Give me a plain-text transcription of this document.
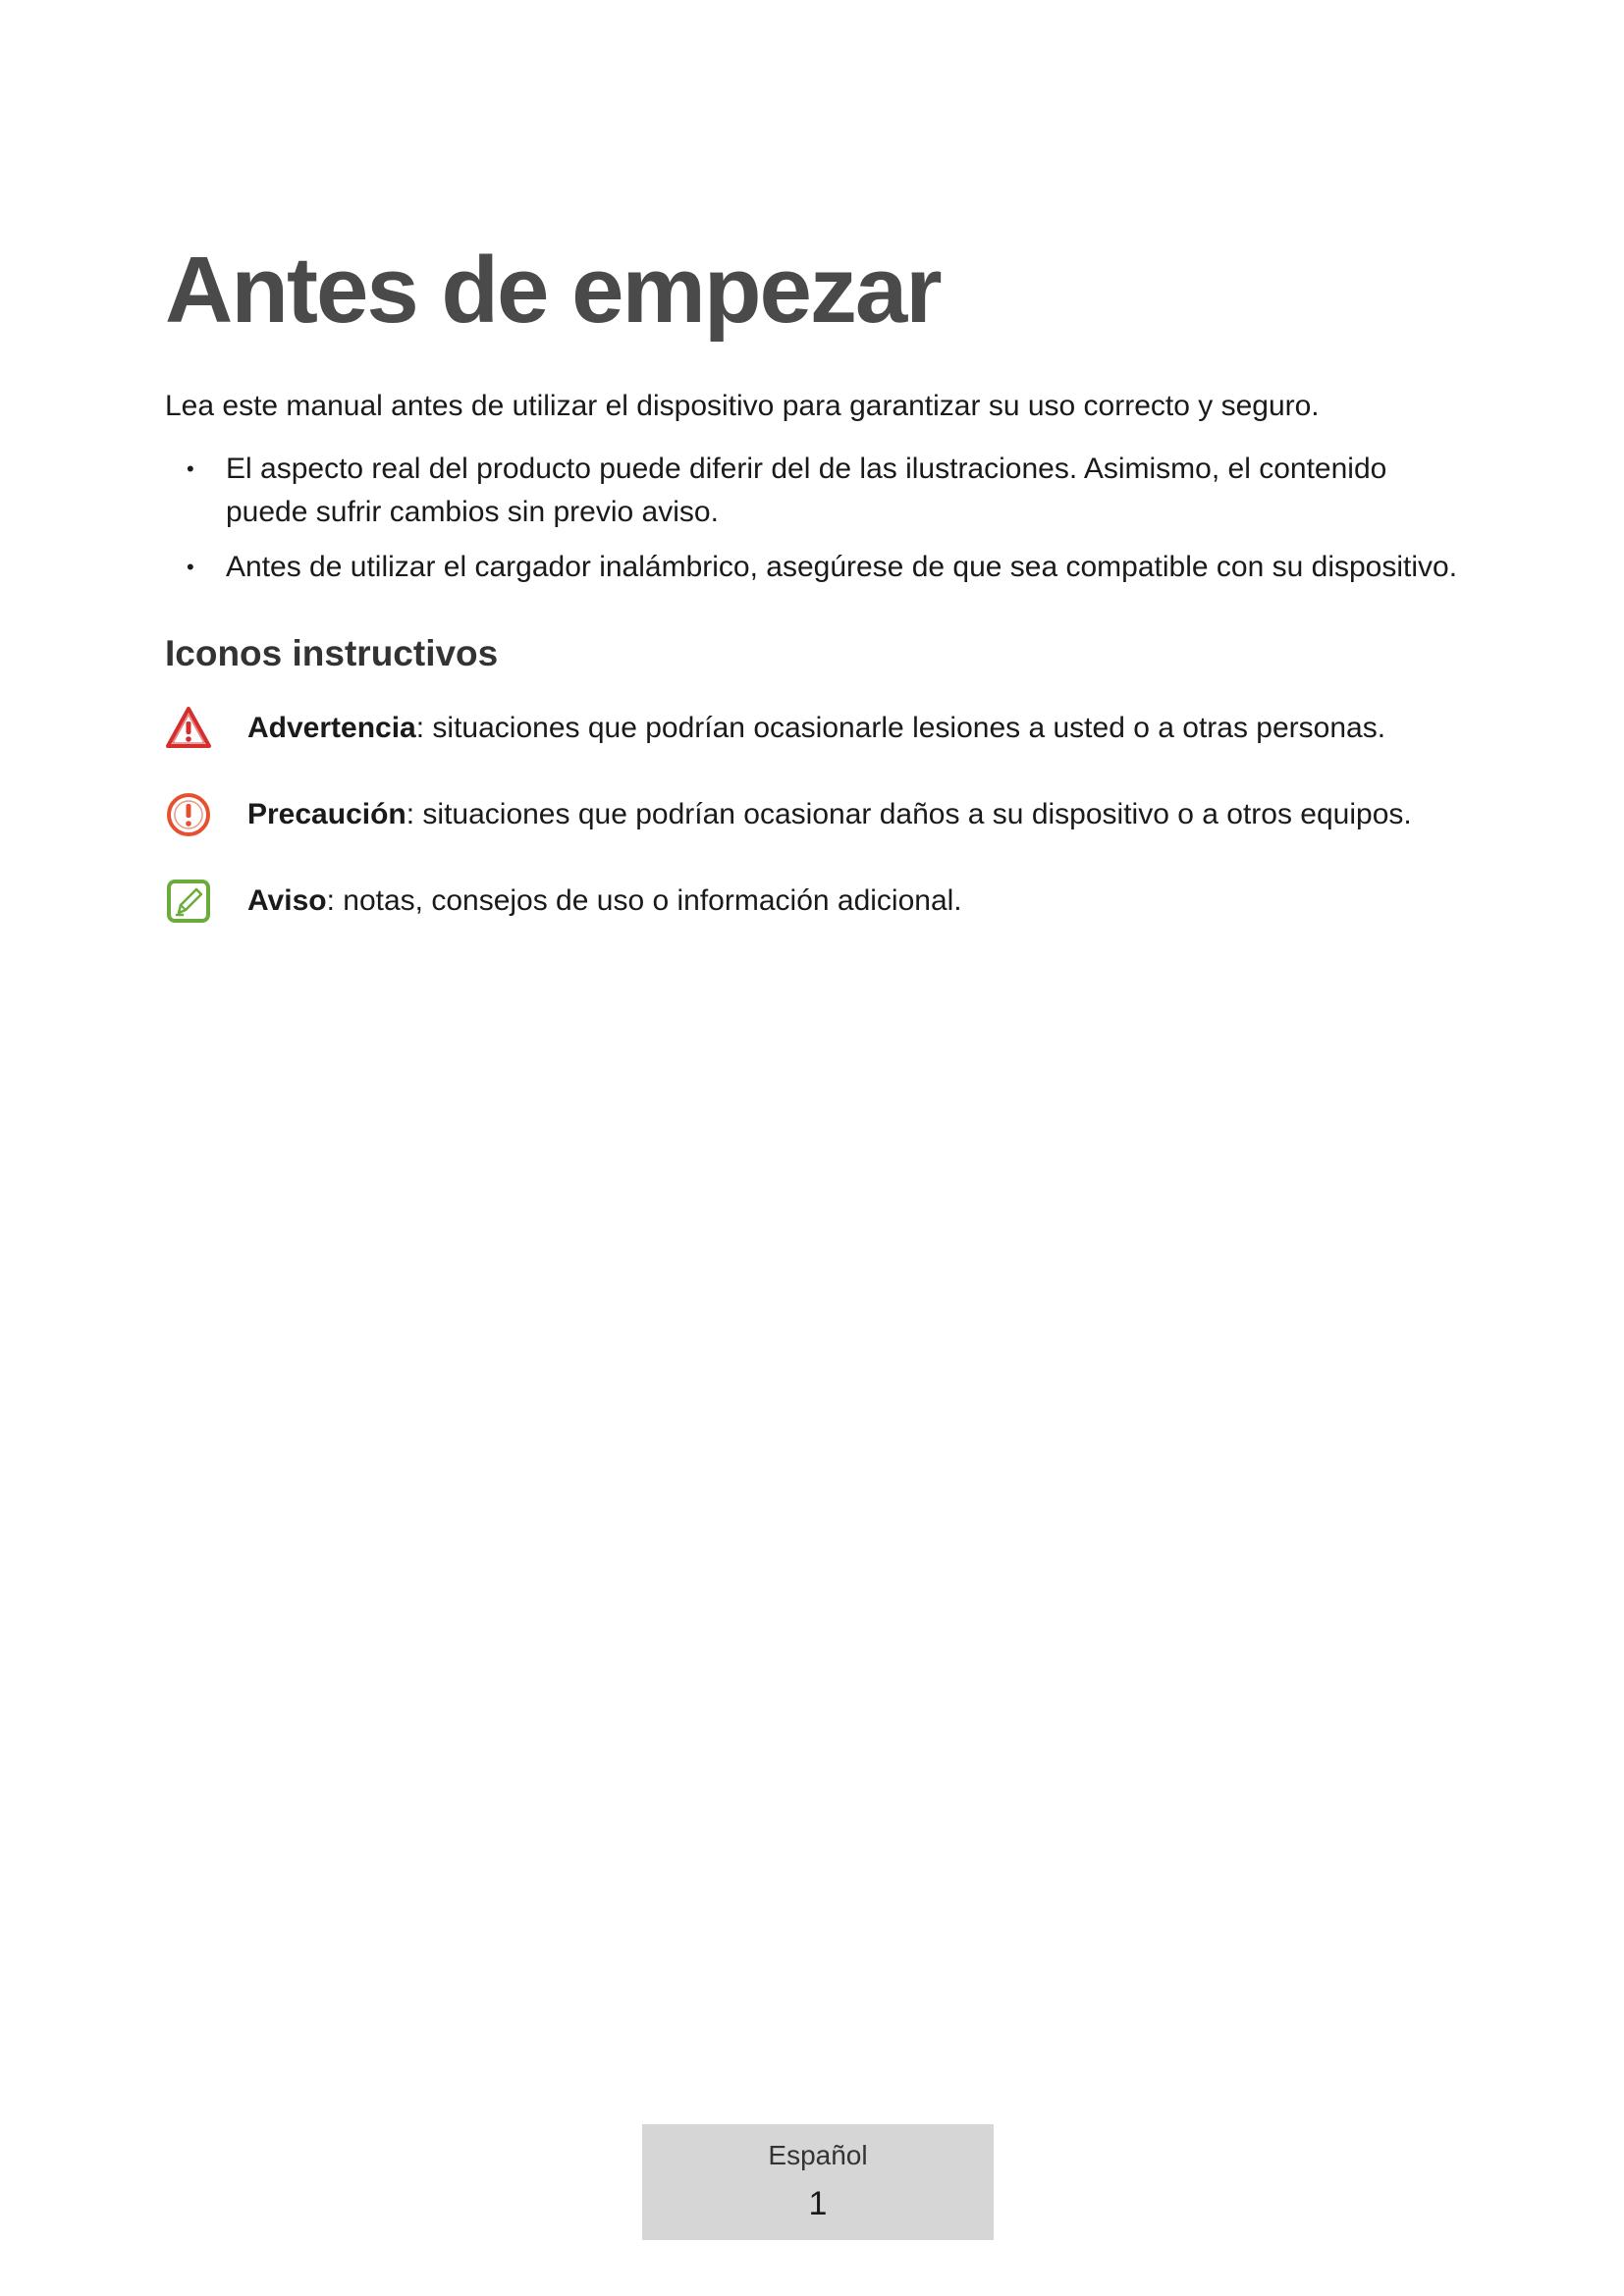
Antes de empezar

Lea este manual antes de utilizar el dispositivo para garantizar su uso correcto y seguro.

• El aspecto real del producto puede diferir del de las ilustraciones. Asimismo, el contenido puede sufrir cambios sin previo aviso.
• Antes de utilizar el cargador inalámbrico, asegúrese de que sea compatible con su dispositivo.
Iconos instructivos
Advertencia: situaciones que podrían ocasionarle lesiones a usted o a otras personas.
Precaución: situaciones que podrían ocasionar daños a su dispositivo o a otros equipos.
Aviso: notas, consejos de uso o información adicional.
Español
1
